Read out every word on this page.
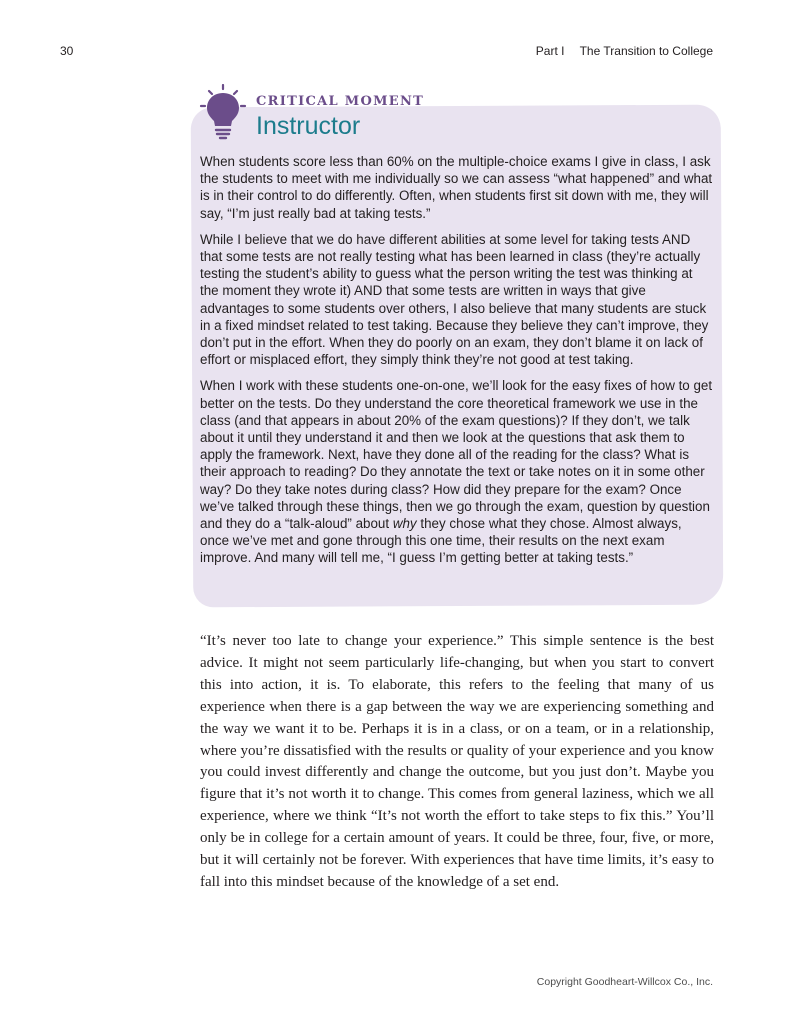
30	Part I The Transition to College
CRITICAL MOMENT
Instructor

When students score less than 60% on the multiple-choice exams I give in class, I ask the students to meet with me individually so we can assess “what happened” and what is in their control to do differently. Often, when students first sit down with me, they will say, “I’m just really bad at taking tests.”

While I believe that we do have different abilities at some level for taking tests AND that some tests are not really testing what has been learned in class (they’re actually testing the student’s ability to guess what the person writing the test was thinking at the moment they wrote it) AND that some tests are written in ways that give advantages to some students over others, I also believe that many students are stuck in a fixed mindset related to test taking. Because they believe they can’t improve, they don’t put in the effort. When they do poorly on an exam, they don’t blame it on lack of effort or misplaced effort, they simply think they’re not good at test taking.

When I work with these students one-on-one, we’ll look for the easy fixes of how to get better on the tests. Do they understand the core theoretical framework we use in the class (and that appears in about 20% of the exam questions)? If they don’t, we talk about it until they understand it and then we look at the questions that ask them to apply the framework. Next, have they done all of the reading for the class? What is their approach to reading? Do they annotate the text or take notes on it in some other way? Do they take notes during class? How did they prepare for the exam? Once we’ve talked through these things, then we go through the exam, question by question and they do a “talk-aloud” about why they chose what they chose. Almost always, once we’ve met and gone through this one time, their results on the next exam improve. And many will tell me, “I guess I’m getting better at taking tests.”

“It’s never too late to change your experience.” This simple sentence is the best advice. It might not seem particularly life-changing, but when you start to convert this into action, it is. To elaborate, this refers to the feeling that many of us experience when there is a gap between the way we are experiencing something and the way we want it to be. Perhaps it is in a class, or on a team, or in a relationship, where you’re dissatisfied with the results or quality of your experience and you know you could invest differently and change the outcome, but you just don’t. Maybe you figure that it’s not worth it to change. This comes from general laziness, which we all experience, where we think “It’s not worth the effort to take steps to fix this.” You’ll only be in college for a certain amount of years. It could be three, four, five, or more, but it will certainly not be forever. With experiences that have time limits, it’s easy to fall into this mindset because of the knowledge of a set end.

Copyright Goodheart-Willcox Co., Inc.
